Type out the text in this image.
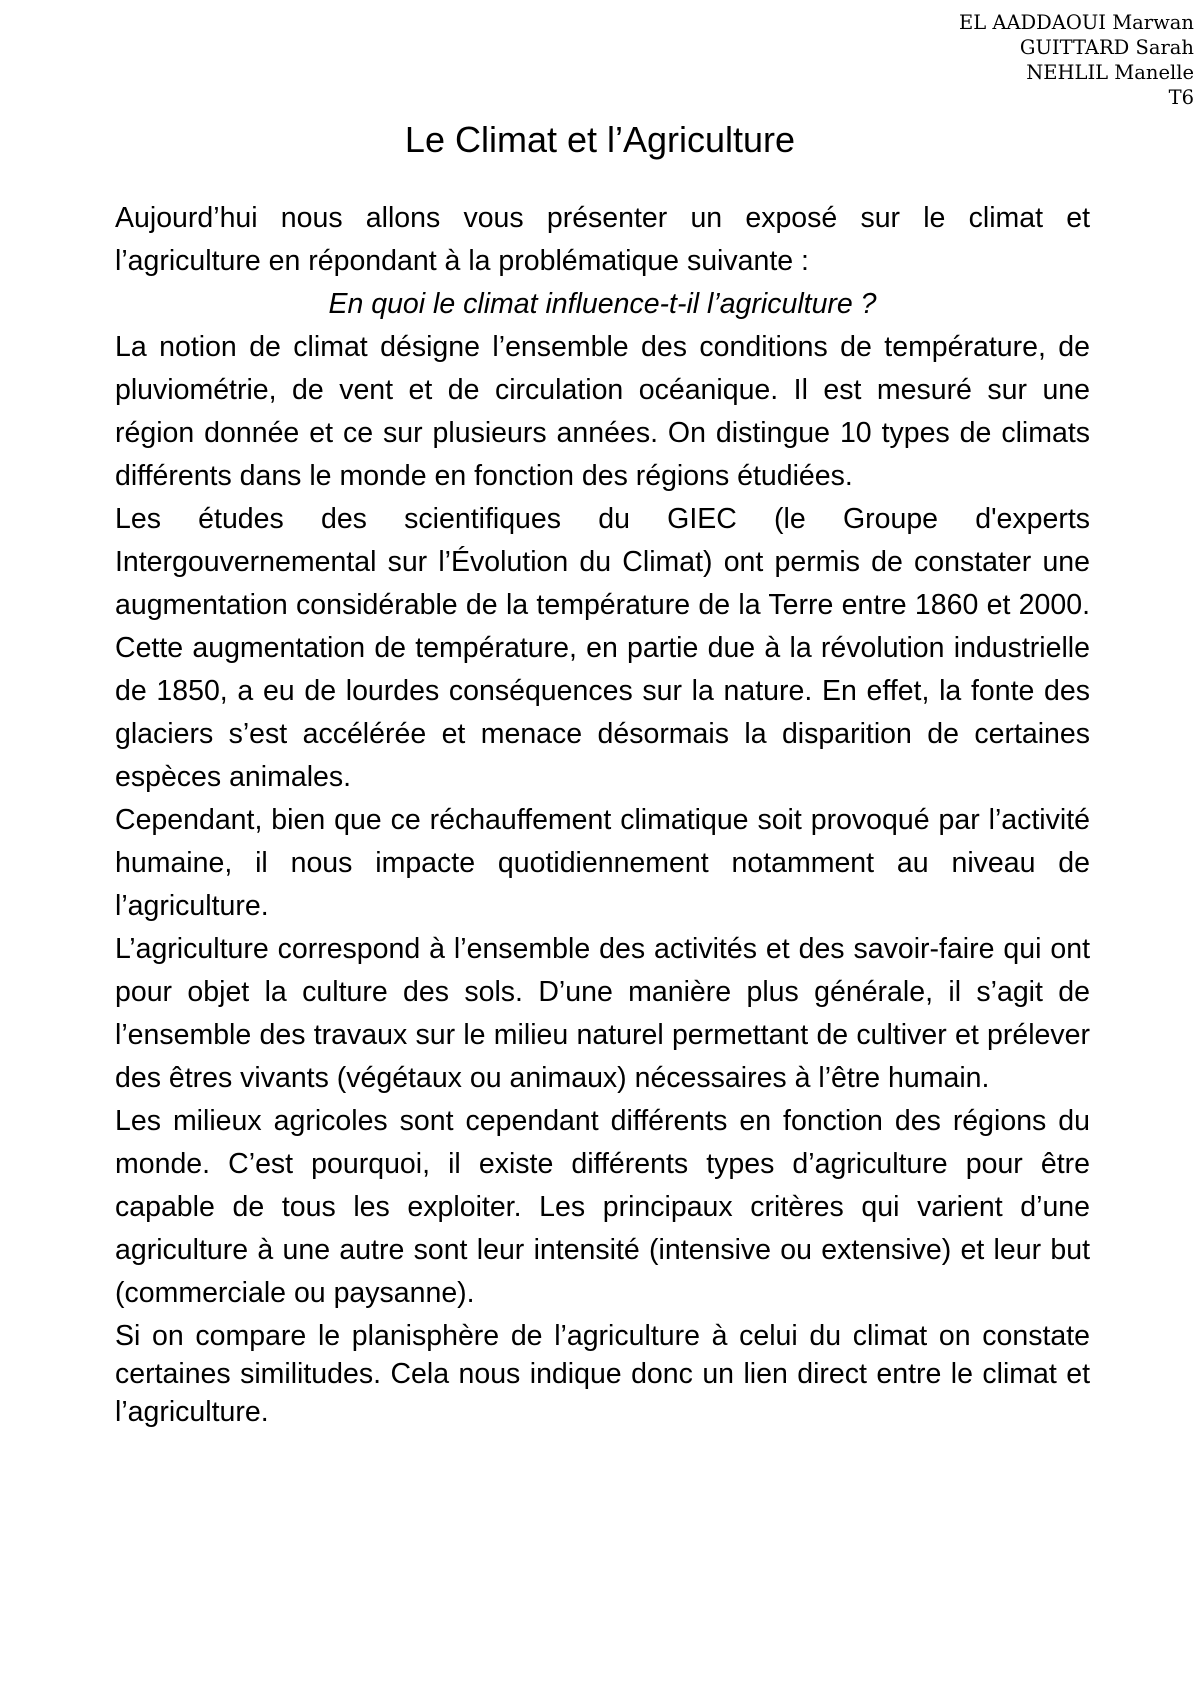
EL AADDAOUI Marwan
GUITTARD Sarah
NEHLIL Manelle
T6
Le Climat et l’Agriculture

Aujourd’hui nous allons vous présenter un exposé sur le climat et l’agriculture en répondant à la problématique suivante :

En quoi le climat influence-t-il l’agriculture ?

La notion de climat désigne l’ensemble des conditions de température, de pluviométrie, de vent et de circulation océanique. Il est mesuré sur une région donnée et ce sur plusieurs années. On distingue 10 types de climats différents dans le monde en fonction des régions étudiées.

Les études des scientifiques du GIEC (le Groupe d'experts Intergouvernemental sur l’Évolution du Climat) ont permis de constater une augmentation considérable de la température de la Terre entre 1860 et 2000. Cette augmentation de température, en partie due à la révolution industrielle de 1850, a eu de lourdes conséquences sur la nature. En effet, la fonte des glaciers s’est accélérée et menace désormais la disparition de certaines espèces animales.

Cependant, bien que ce réchauffement climatique soit provoqué par l’activité humaine, il nous impacte quotidiennement notamment au niveau de l’agriculture.

L’agriculture correspond à l’ensemble des activités et des savoir-faire qui ont pour objet la culture des sols. D’une manière plus générale, il s’agit de l’ensemble des travaux sur le milieu naturel permettant de cultiver et prélever des êtres vivants (végétaux ou animaux) nécessaires à l’être humain.

Les milieux agricoles sont cependant différents en fonction des régions du monde. C’est pourquoi, il existe différents types d’agriculture pour être capable de tous les exploiter. Les principaux critères qui varient d’une agriculture à une autre sont leur intensité (intensive ou extensive) et leur but (commerciale ou paysanne).

Si on compare le planisphère de l’agriculture à celui du climat on constate certaines similitudes. Cela nous indique donc un lien direct entre le climat et l’agriculture.
